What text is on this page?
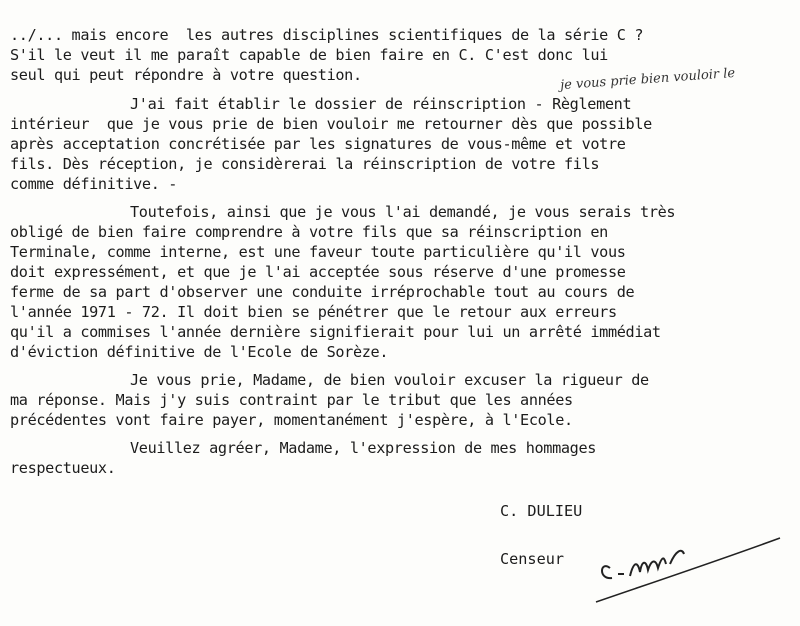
../... mais encore  les autres disciplines scientifiques de la série C ?
S'il le veut il me paraît capable de bien faire en C. C'est donc lui
seul qui peut répondre à votre question.	je vous prie bien vouloir le
J'ai fait établir le dossier de réinscription - Règlement
intérieur  que je vous prie de bien vouloir me retourner dès que possible
après acceptation concrétisée par les signatures de vous-même et votre
fils. Dès réception, je considèrerai la réinscription de votre fils
comme définitive. -
Toutefois, ainsi que je vous l'ai demandé, je vous serais très
obligé de bien faire comprendre à votre fils que sa réinscription en
Terminale, comme interne, est une faveur toute particulière qu'il vous
doit expressément, et que je l'ai acceptée sous réserve d'une promesse
ferme de sa part d'observer une conduite irréprochable tout au cours de
l'année 1971 - 72. Il doit bien se pénétrer que le retour aux erreurs
qu'il a commises l'année dernière signifierait pour lui un arrêté immédiat
d'éviction définitive de l'Ecole de Sorèze.
Je vous prie, Madame, de bien vouloir excuser la rigueur de
ma réponse. Mais j'y suis contraint par le tribut que les années
précédentes vont faire payer, momentanément j'espère, à l'Ecole.
Veuillez agréer, Madame, l'expression de mes hommages
respectueux.
C. DULIEU
Censeur
